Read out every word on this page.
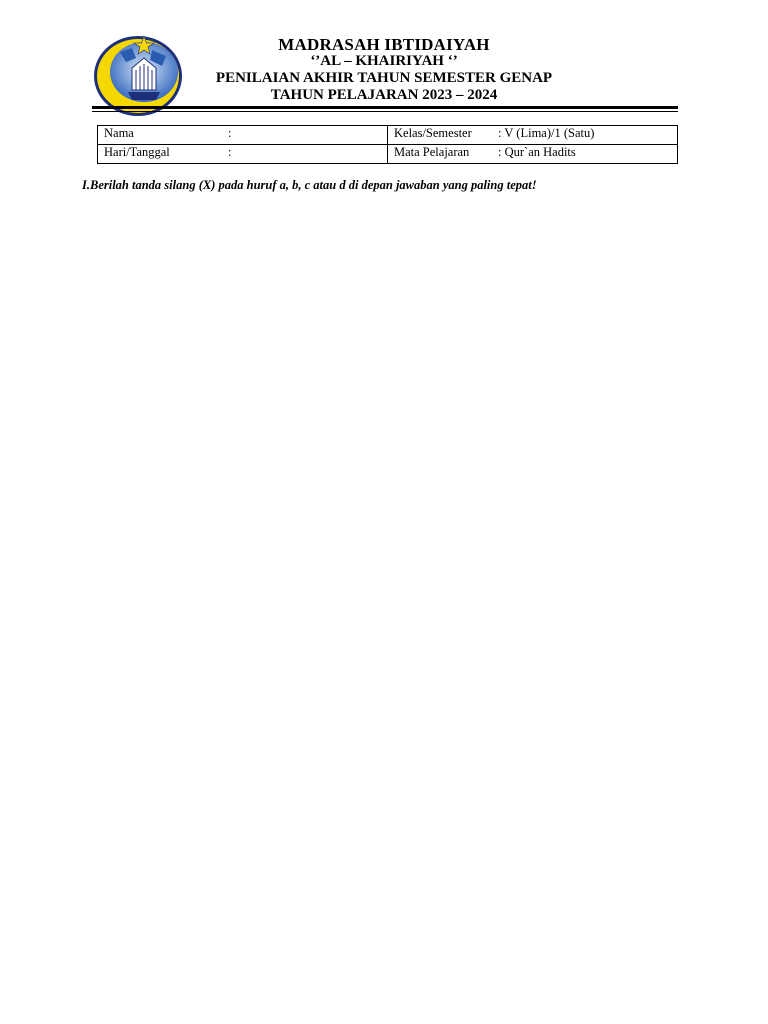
MADRASAH IBTIDAIYAH
‘’AL – KHAIRIYAH ‘’
PENILAIAN AKHIR TAHUN SEMESTER GENAP
TAHUN PELAJARAN 2023 – 2024
Nama :	Kelas/Semester : V (Lima)/1 (Satu)

Hari/Tanggal :	Mata Pelajaran : Qur`an Hadits
I.Berilah tanda silang (X) pada huruf a, b, c atau d di depan jawaban yang paling tepat!
